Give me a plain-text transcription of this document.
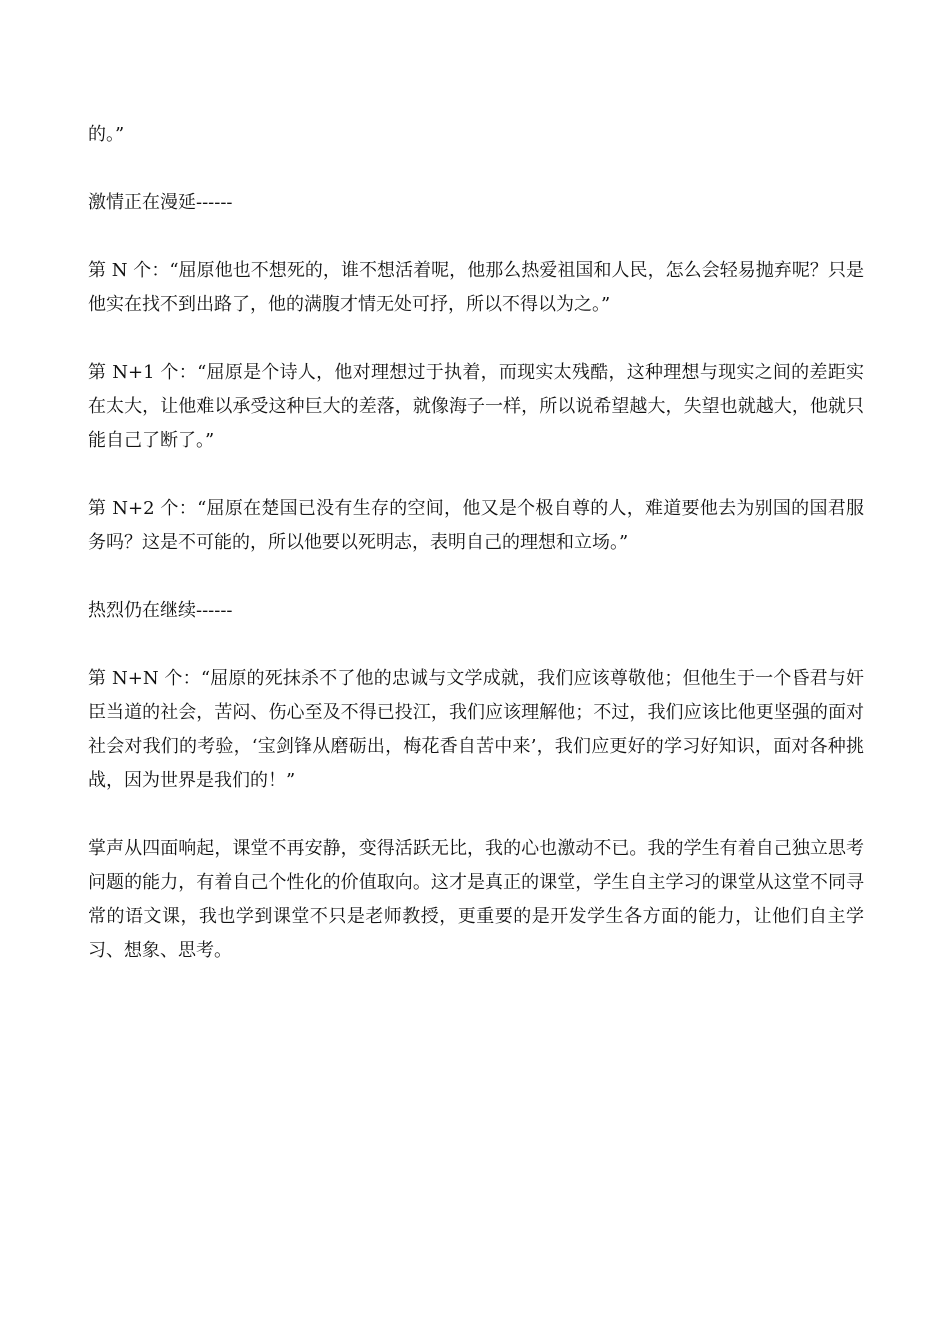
的。”

激情正在漫延------

第 N 个：“屈原他也不想死的，谁不想活着呢，他那么热爱祖国和人民，怎么会轻易抛弃呢？只是他实在找不到出路了，他的满腹才情无处可抒，所以不得以为之。”

第 N+1 个：“屈原是个诗人，他对理想过于执着，而现实太残酷，这种理想与现实之间的差距实在太大，让他难以承受这种巨大的差落，就像海子一样，所以说希望越大，失望也就越大，他就只能自己了断了。”

第 N+2 个：“屈原在楚国已没有生存的空间，他又是个极自尊的人，难道要他去为别国的国君服务吗？这是不可能的，所以他要以死明志，表明自己的理想和立场。”

热烈仍在继续------

第 N+N 个：“屈原的死抹杀不了他的忠诚与文学成就，我们应该尊敬他；但他生于一个昏君与奸臣当道的社会，苦闷、伤心至及不得已投江，我们应该理解他；不过，我们应该比他更坚强的面对社会对我们的考验，‘宝剑锋从磨砺出，梅花香自苦中来’，我们应更好的学习好知识，面对各种挑战，因为世界是我们的！”

掌声从四面响起，课堂不再安静，变得活跃无比，我的心也激动不已。我的学生有着自己独立思考问题的能力，有着自己个性化的价值取向。这才是真正的课堂，学生自主学习的课堂从这堂不同寻常的语文课，我也学到课堂不只是老师教授，更重要的是开发学生各方面的能力，让他们自主学习、想象、思考。
